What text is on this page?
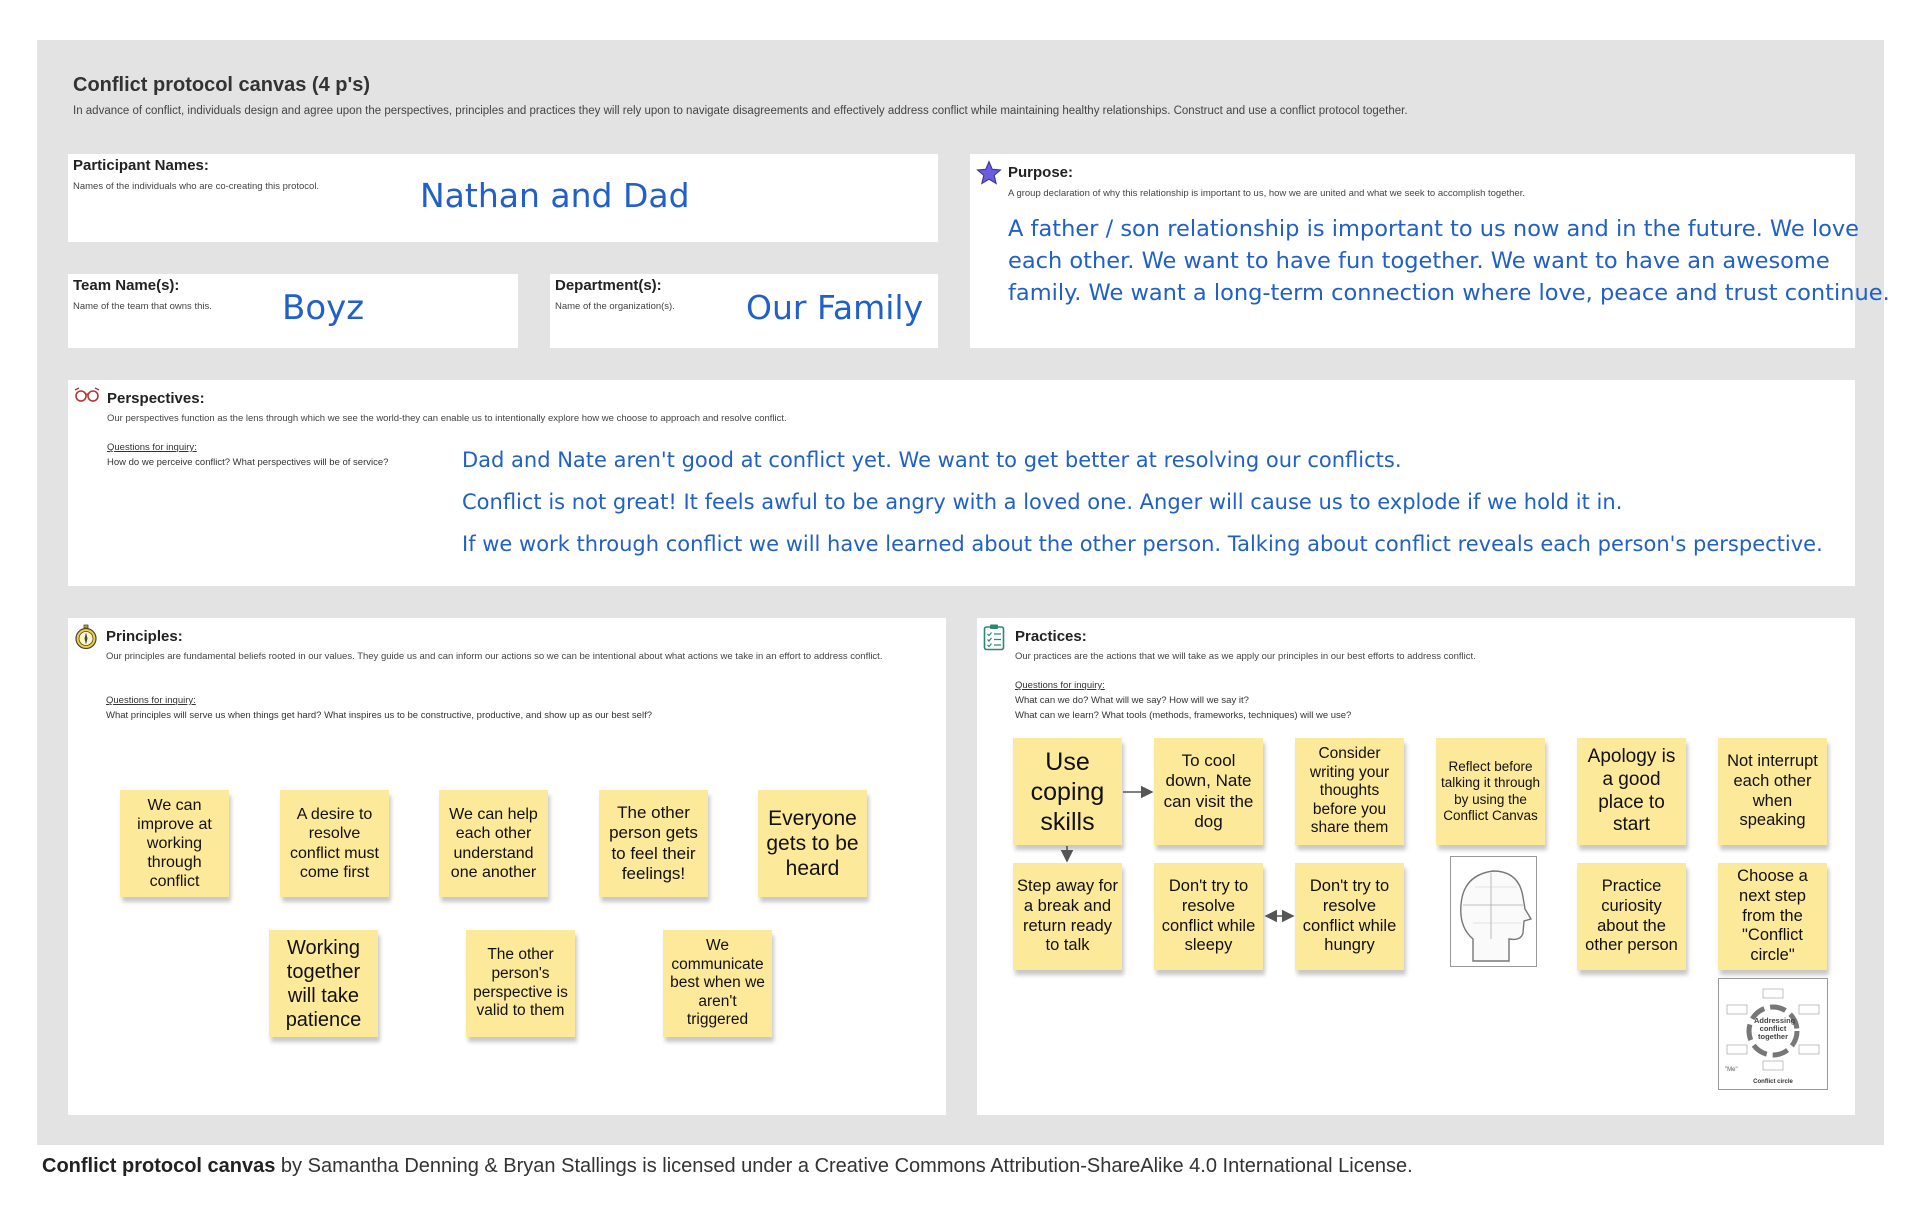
Conflict protocol canvas (4 p's)
In advance of conflict, individuals design and agree upon the perspectives, principles and practices they will rely upon to navigate disagreements and effectively address conflict while maintaining healthy relationships. Construct and use a conflict protocol together.
Participant Names:
Names of the individuals who are co-creating this protocol.	Nathan and Dad
Team Name(s):
Name of the team that owns this. Boyz
Department(s):
Name of the organization(s). Our Family
Purpose:
A group declaration of why this relationship is important to us, how we are united and what we seek to accomplish together.
A father / son relationship is important to us now and in the future. We love
each other. We want to have fun together. We want to have an awesome
family. We want a long-term connection where love, peace and trust continue.
Perspectives:
Our perspectives function as the lens through which we see the world-they can enable us to intentionally explore how we choose to approach and resolve conflict.
Questions for inquiry:
How do we perceive conflict? What perspectives will be of service?	Dad and Nate aren't good at conflict yet. We want to get better at resolving our conflicts.
Conflict is not great! It feels awful to be angry with a loved one. Anger will cause us to explode if we hold it in.
If we work through conflict we will have learned about the other person. Talking about conflict reveals each person's perspective.
Principles:
Our principles are fundamental beliefs rooted in our values. They guide us and can inform our actions so we can be intentional about what actions we take in an effort to address conflict.
Questions for inquiry:
What principles will serve us when things get hard? What inspires us to be constructive, productive, and show up as our best self?
We can improve at working through conflict
A desire to resolve conflict must come first
We can help each other understand one another
The other person gets to feel their feelings!
Everyone gets to be heard
Working together will take patience
The other person's perspective is valid to them
We communicate best when we aren't triggered
Practices:
Our practices are the actions that we will take as we apply our principles in our best efforts to address conflict.
Questions for inquiry:
What can we do? What will we say? How will we say it?
What can we learn? What tools (methods, frameworks, techniques) will we use?
Use coping skills
To cool down, Nate can visit the dog
Consider writing your thoughts before you share them
Reflect before talking it through by using the Conflict Canvas
Apology is a good place to start
Not interrupt each other when speaking
Step away for a break and return ready to talk
Don't try to resolve conflict while sleepy
Don't try to resolve conflict while hungry
Practice curiosity about the other person
Choose a next step from the "Conflict circle"
Addressing conflict together
"Me"
Conflict circle
Conflict protocol canvas by Samantha Denning & Bryan Stallings is licensed under a Creative Commons Attribution-ShareAlike 4.0 International License.
